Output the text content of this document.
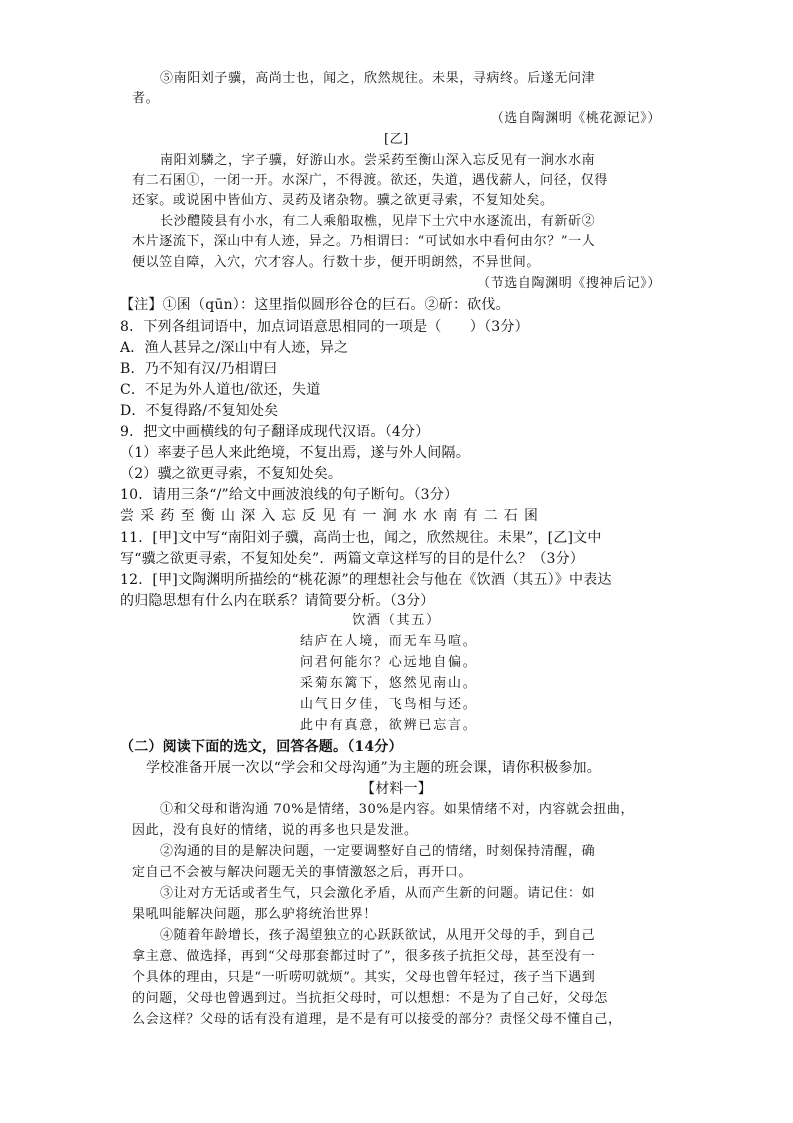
⑤南阳刘子骥，高尚士也，闻之，欣然规往。未果，寻病终。后遂无问津
者。
（选自陶渊明《桃花源记》）
[乙]
南阳刘驎之，字子骥，好游山水。尝采药至衡山深入忘反见有一涧水水南
有二石囷①，一闭一开。水深广，不得渡。欲还，失道，遇伐薪人，问径，仅得
还家。或说囷中皆仙方、灵药及诸杂物。骥之欲更寻索，不复知处矣。
长沙醴陵县有小水，有二人乘船取樵，见岸下土穴中水逐流出，有新斫②
木片逐流下，深山中有人迹，异之。乃相谓曰：“可试如水中看何由尔？”一人
便以笠自障，入穴，穴才容人。行数十步，便开明朗然，不异世间。
（节选自陶渊明《搜神后记》）
【注】①囷（qūn）：这里指似圆形谷仓的巨石。②斫：砍伐。
8．下列各组词语中，加点词语意思相同的一项是（　　）（3分）
A．渔人甚异之/深山中有人迹，异之
B．乃不知有汉/乃相谓曰
C．不足为外人道也/欲还，失道
D．不复得路/不复知处矣
9．把文中画横线的句子翻译成现代汉语。（4分）
（1）率妻子邑人来此绝境，不复出焉，遂与外人间隔。
（2）骥之欲更寻索，不复知处矣。
10．请用三条“/”给文中画波浪线的句子断句。（3分）
尝采药至衡山深入忘反见有一涧水水南有二石囷
11．[甲]文中写“南阳刘子骥，高尚士也，闻之，欣然规往。未果”，[乙]文中
写“骥之欲更寻索，不复知处矣”．两篇文章这样写的目的是什么？（3分）
12．[甲]文陶渊明所描绘的“桃花源”的理想社会与他在《饮酒（其五）》中表达
的归隐思想有什么内在联系？请简要分析。（3分）
饮酒（其五）
结庐在人境，而无车马喧。
问君何能尔？心远地自偏。
采菊东篱下，悠然见南山。
山气日夕佳，飞鸟相与还。
此中有真意，欲辨已忘言。
（二）阅读下面的选文，回答各题。（14分）
学校准备开展一次以“学会和父母沟通”为主题的班会课，请你积极参加。
【材料一】
①和父母和谐沟通 70%是情绪，30%是内容。如果情绪不对，内容就会扭曲，
因此，没有良好的情绪，说的再多也只是发泄。
②沟通的目的是解决问题，一定要调整好自己的情绪，时刻保持清醒，确
定自己不会被与解决问题无关的事情激怒之后，再开口。
③让对方无话或者生气，只会激化矛盾，从而产生新的问题。请记住：如
果吼叫能解决问题，那么驴将统治世界！
④随着年龄增长，孩子渴望独立的心跃跃欲试，从甩开父母的手，到自己
拿主意、做选择，再到“父母那套都过时了”，很多孩子抗拒父母，甚至没有一
个具体的理由，只是“一听唠叨就烦”。其实，父母也曾年轻过，孩子当下遇到
的问题，父母也曾遇到过。当抗拒父母时，可以想想：不是为了自己好，父母怎
么会这样？父母的话有没有道理，是不是有可以接受的部分？责怪父母不懂自己，
